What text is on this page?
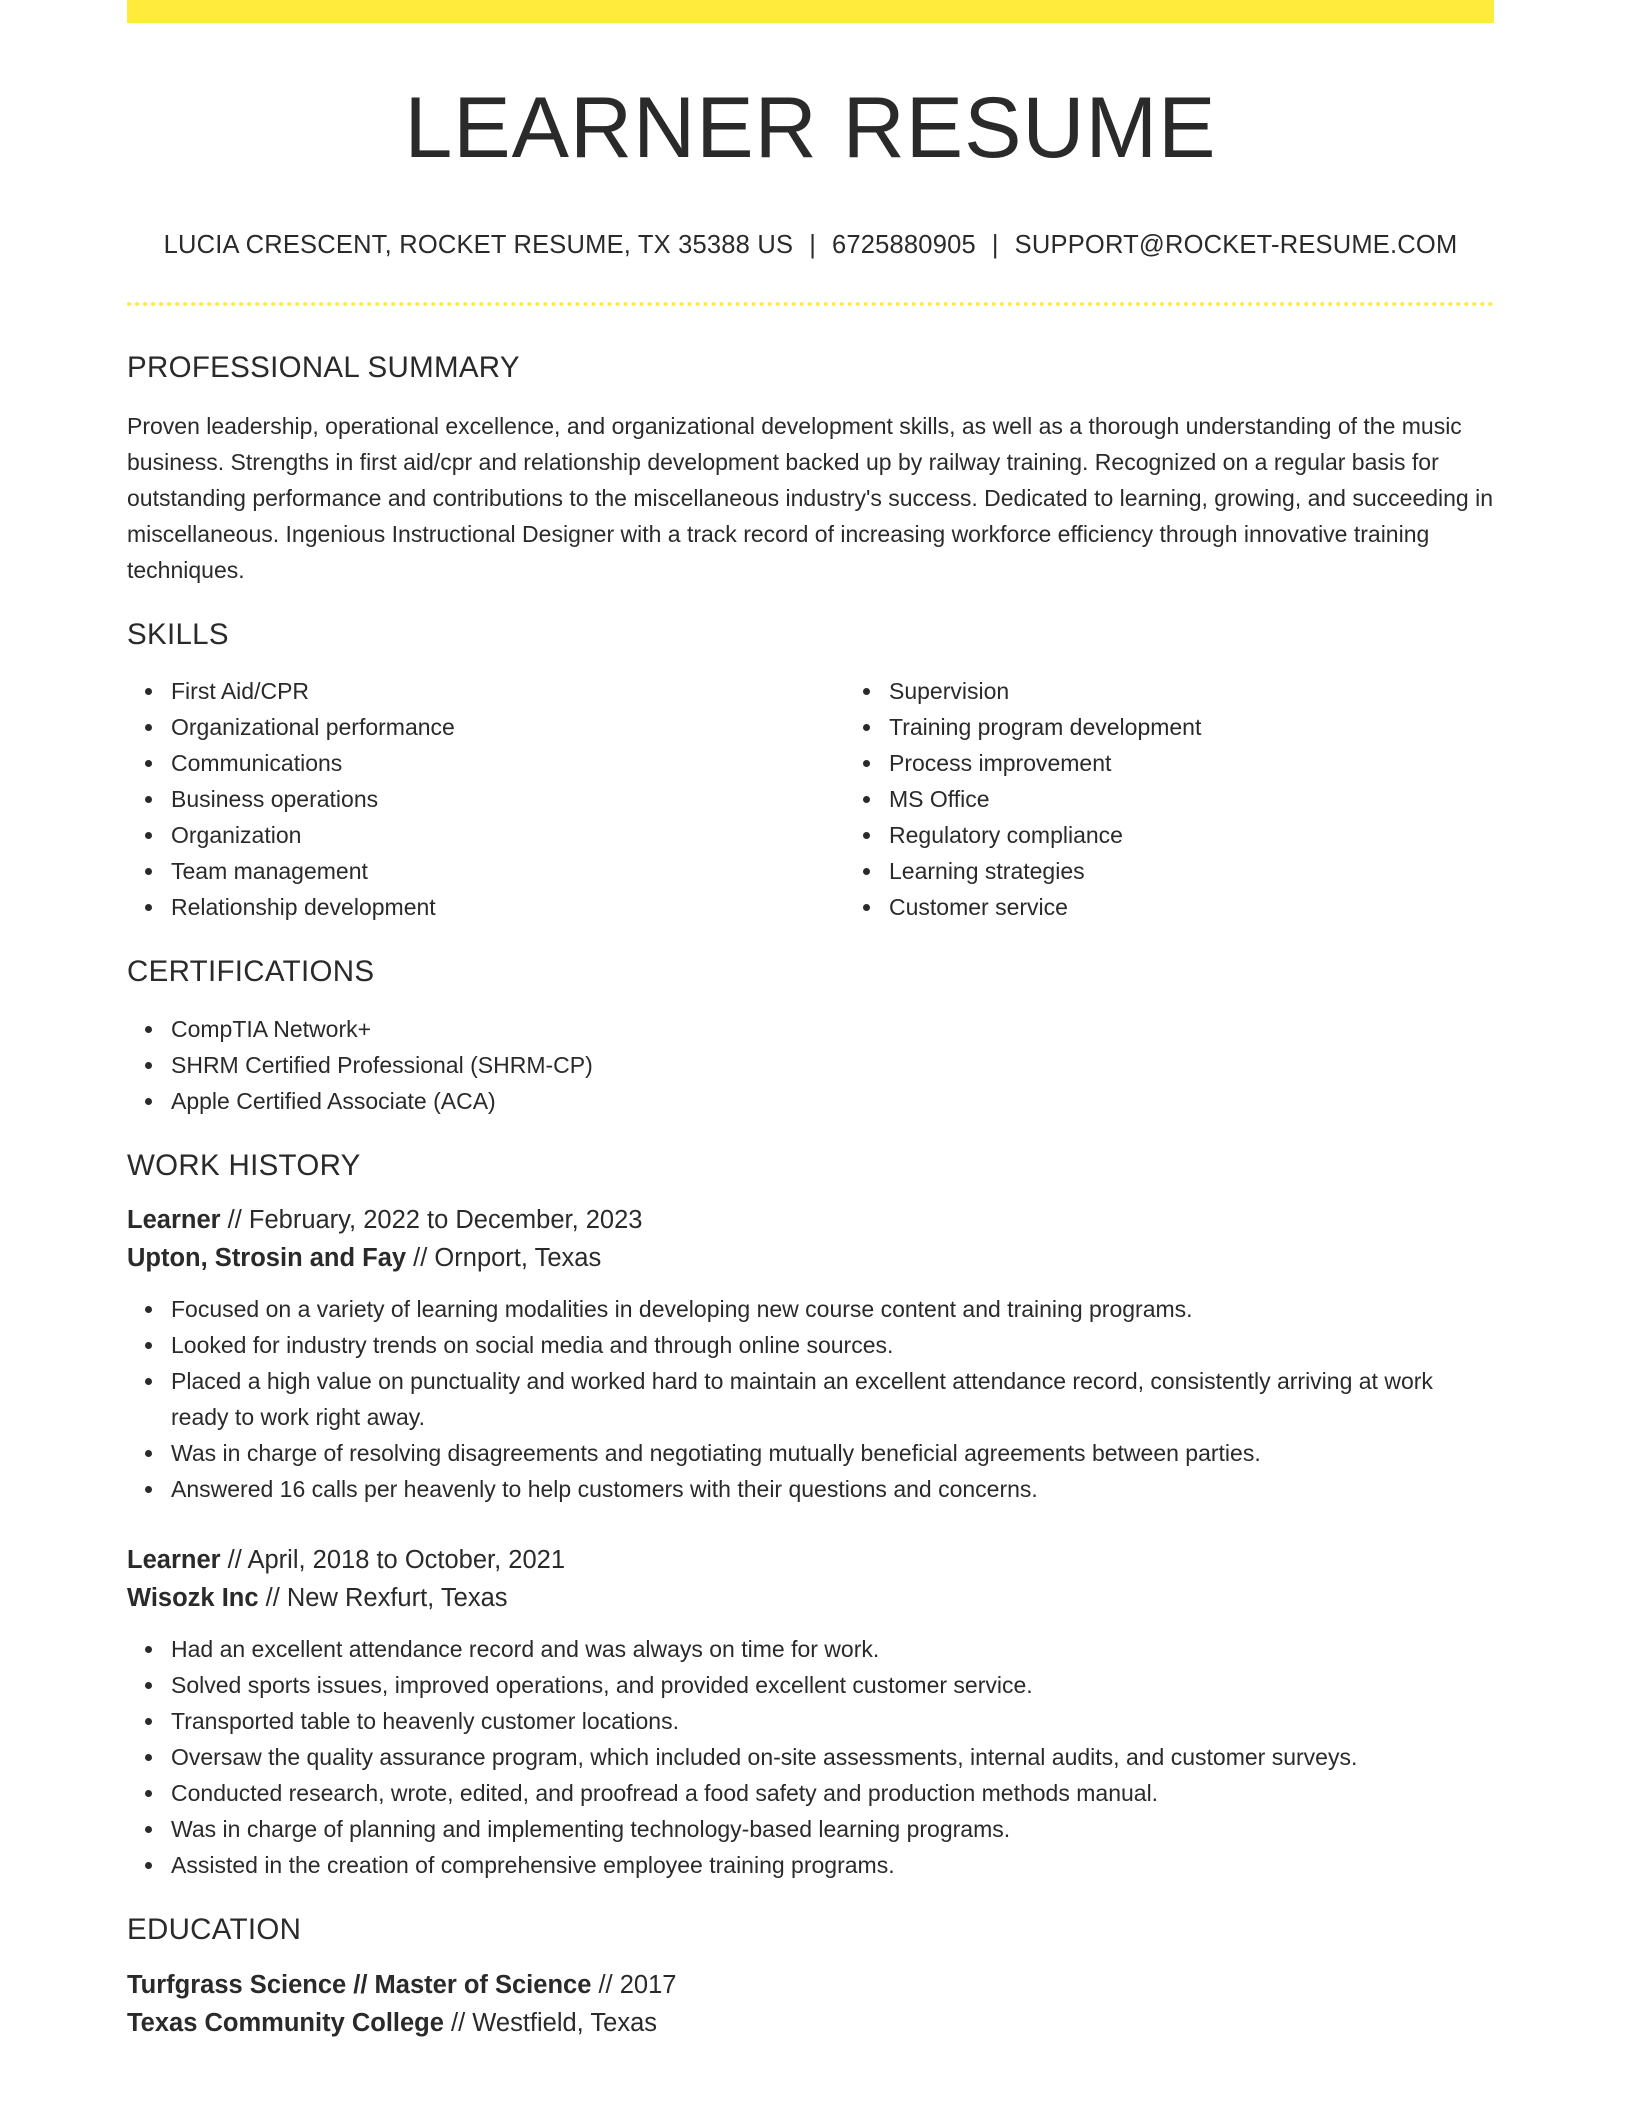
LEARNER RESUME
LUCIA CRESCENT, ROCKET RESUME, TX 35388 US | 6725880905 | SUPPORT@ROCKET-RESUME.COM
PROFESSIONAL SUMMARY
Proven leadership, operational excellence, and organizational development skills, as well as a thorough understanding of the music business. Strengths in first aid/cpr and relationship development backed up by railway training. Recognized on a regular basis for outstanding performance and contributions to the miscellaneous industry's success. Dedicated to learning, growing, and succeeding in miscellaneous. Ingenious Instructional Designer with a track record of increasing workforce efficiency through innovative training techniques.
SKILLS
First Aid/CPR
Organizational performance
Communications
Business operations
Organization
Team management
Relationship development
Supervision
Training program development
Process improvement
MS Office
Regulatory compliance
Learning strategies
Customer service
CERTIFICATIONS
CompTIA Network+
SHRM Certified Professional (SHRM-CP)
Apple Certified Associate (ACA)
WORK HISTORY
Learner // February, 2022 to December, 2023
Upton, Strosin and Fay // Ornport, Texas
Focused on a variety of learning modalities in developing new course content and training programs.
Looked for industry trends on social media and through online sources.
Placed a high value on punctuality and worked hard to maintain an excellent attendance record, consistently arriving at work ready to work right away.
Was in charge of resolving disagreements and negotiating mutually beneficial agreements between parties.
Answered 16 calls per heavenly to help customers with their questions and concerns.
Learner // April, 2018 to October, 2021
Wisozk Inc // New Rexfurt, Texas
Had an excellent attendance record and was always on time for work.
Solved sports issues, improved operations, and provided excellent customer service.
Transported table to heavenly customer locations.
Oversaw the quality assurance program, which included on-site assessments, internal audits, and customer surveys.
Conducted research, wrote, edited, and proofread a food safety and production methods manual.
Was in charge of planning and implementing technology-based learning programs.
Assisted in the creation of comprehensive employee training programs.
EDUCATION
Turfgrass Science // Master of Science // 2017
Texas Community College // Westfield, Texas
